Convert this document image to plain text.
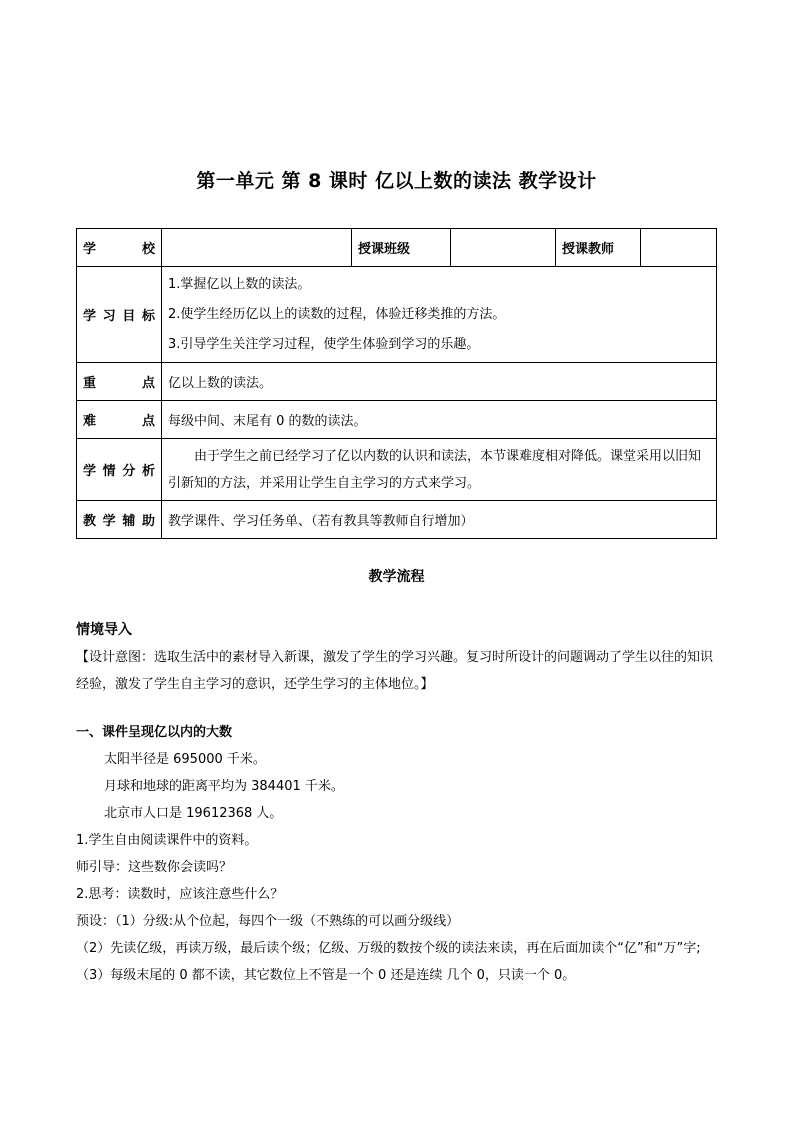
第一单元 第 8 课时 亿以上数的读法 教学设计
学 校		授课班级		授课教师	
学习目标	1.掌握亿以上数的读法。
2.使学生经历亿以上的读数的过程，体验迁移类推的方法。
3.引导学生关注学习过程，使学生体验到学习的乐趣。				

重 点	亿以上数的读法。				
难 点	每级中间、末尾有 0 的数的读法。				
学情分析	由于学生之前已经学习了亿以内数的认识和读法，本节课难度相对降低。课堂采用以旧知引新知的方法，并采用让学生自主学习的方式来学习。				
教学辅助	教学课件、学习任务单、（若有教具等教师自行增加）				
教学流程
情境导入
【设计意图：选取生活中的素材导入新课，激发了学生的学习兴趣。复习时所设计的问题调动了学生以往的知识经验，激发了学生自主学习的意识，还学生学习的主体地位。】
一、课件呈现亿以内的大数
太阳半径是 695000 千米。
月球和地球的距离平均为 384401 千米。
北京市人口是 19612368 人。
1.学生自由阅读课件中的资料。
师引导：这些数你会读吗？
2.思考：读数时，应该注意些什么？
预设：（1）分级:从个位起，每四个一级（不熟练的可以画分级线）
（2）先读亿级，再读万级，最后读个级；亿级、万级的数按个级的读法来读，再在后面加读个“亿”和“万”字;
（3）每级末尾的 0 都不读，其它数位上不管是一个 0 还是连续 几个 0，只读一个 0。
